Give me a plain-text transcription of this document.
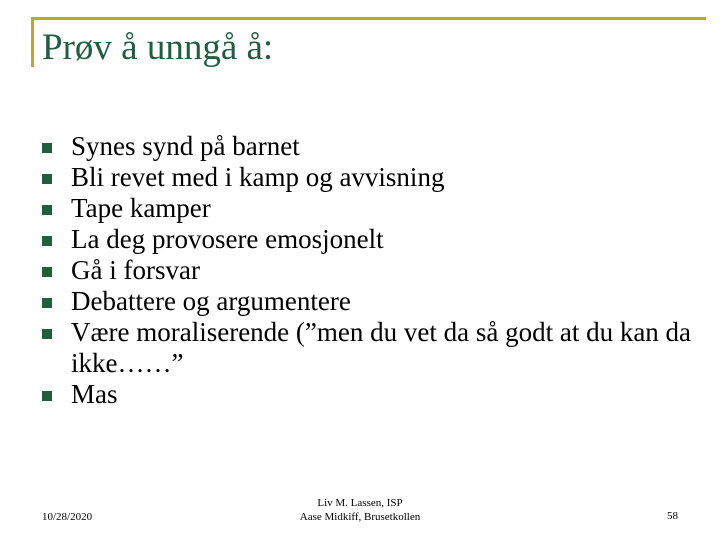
Prøv å unngå å:
Synes synd på barnet
Bli revet med i kamp og avvisning
Tape kamper
La deg provosere emosjonelt
Gå i forsvar
Debattere og argumentere
Være moraliserende (”men du vet da så godt at du kan da ikke……”
Mas
10/28/2020
Liv M. Lassen, ISP
Aase Midkiff, Brusetkollen	58
